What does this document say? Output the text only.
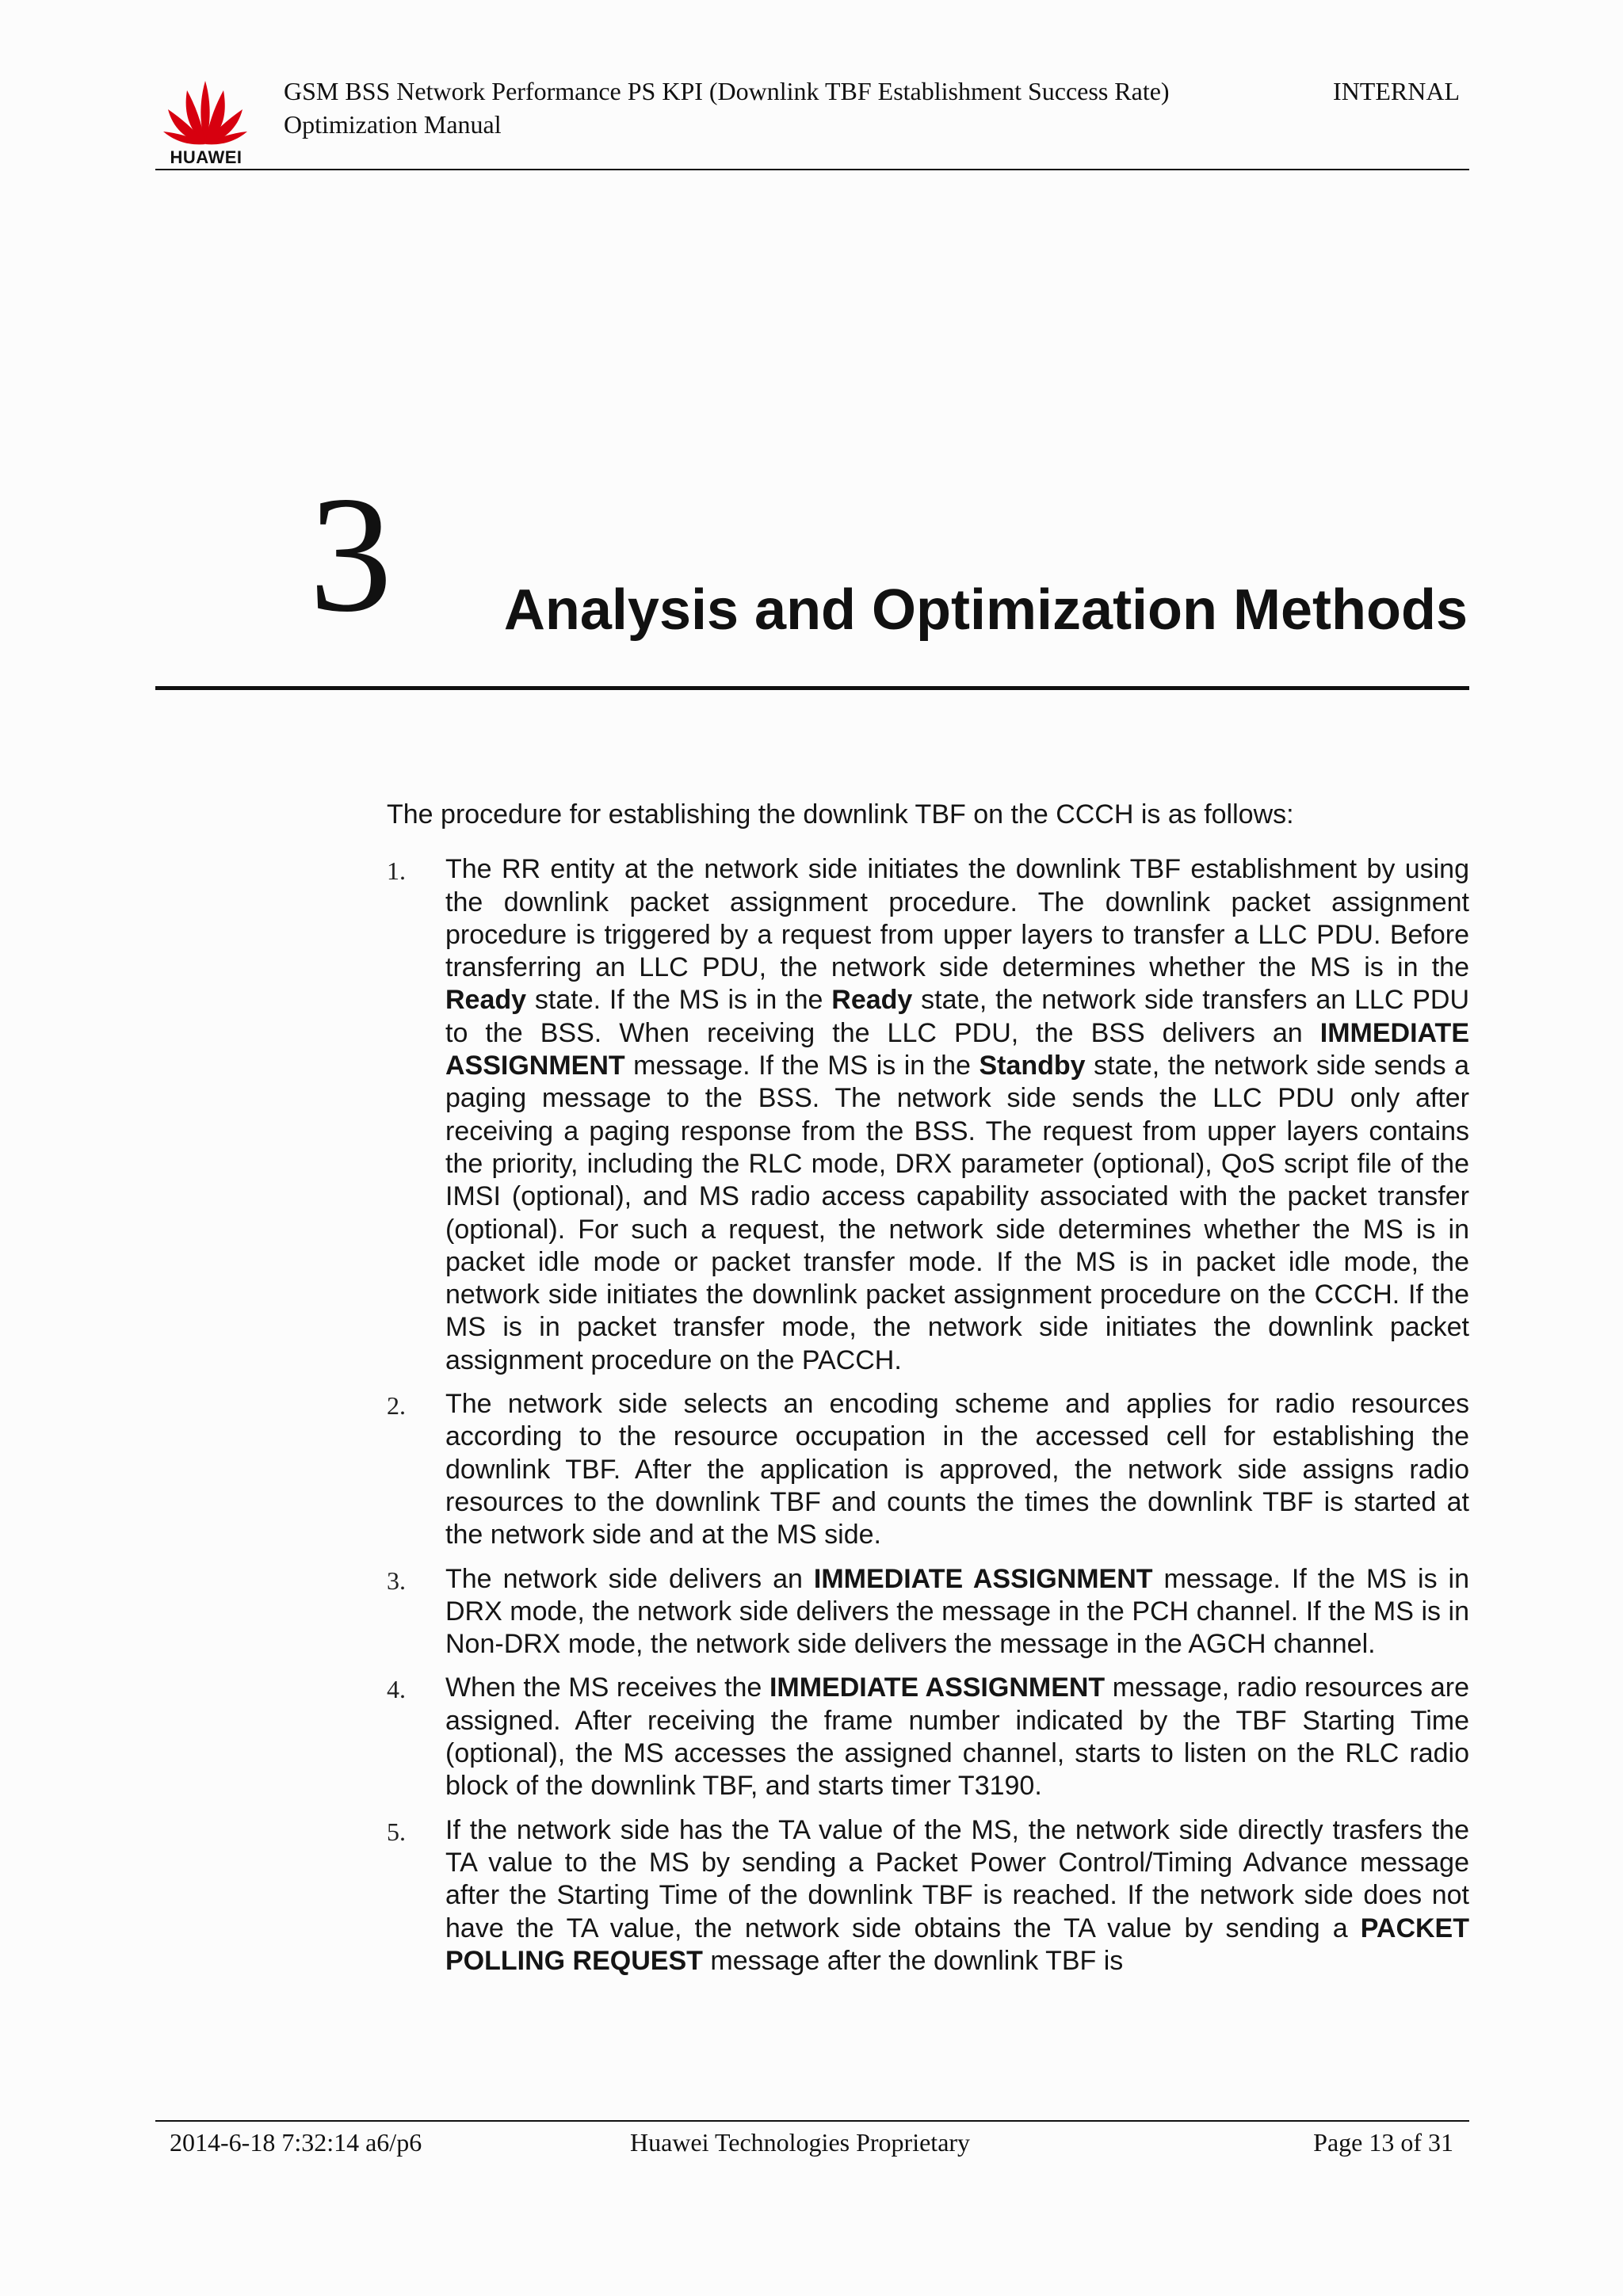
HUAWEI
GSM BSS Network Performance PS KPI (Downlink TBF Establishment Success Rate)
Optimization Manual
INTERNAL
3 Analysis and Optimization Methods

The procedure for establishing the downlink TBF on the CCCH is as follows:

1. The RR entity at the network side initiates the downlink TBF establishment by using the downlink packet assignment procedure. The downlink packet assignment procedure is triggered by a request from upper layers to transfer a LLC PDU. Before transferring an LLC PDU, the network side determines whether the MS is in the Ready state. If the MS is in the Ready state, the network side transfers an LLC PDU to the BSS. When receiving the LLC PDU, the BSS delivers an IMMEDIATE ASSIGNMENT message. If the MS is in the Standby state, the network side sends a paging message to the BSS. The network side sends the LLC PDU only after receiving a paging response from the BSS. The request from upper layers contains the priority, including the RLC mode, DRX parameter (optional), QoS script file of the IMSI (optional), and MS radio access capability associated with the packet transfer (optional). For such a request, the network side determines whether the MS is in packet idle mode or packet transfer mode. If the MS is in packet idle mode, the network side initiates the downlink packet assignment procedure on the CCCH. If the MS is in packet transfer mode, the network side initiates the downlink packet assignment procedure on the PACCH.
2. The network side selects an encoding scheme and applies for radio resources according to the resource occupation in the accessed cell for establishing the downlink TBF. After the application is approved, the network side assigns radio resources to the downlink TBF and counts the times the downlink TBF is started at the network side and at the MS side.
3. The network side delivers an IMMEDIATE ASSIGNMENT message. If the MS is in DRX mode, the network side delivers the message in the PCH channel. If the MS is in Non-DRX mode, the network side delivers the message in the AGCH channel.
4. When the MS receives the IMMEDIATE ASSIGNMENT message, radio resources are assigned. After receiving the frame number indicated by the TBF Starting Time (optional), the MS accesses the assigned channel, starts to listen on the RLC radio block of the downlink TBF, and starts timer T3190.
5. If the network side has the TA value of the MS, the network side directly trasfers the TA value to the MS by sending a Packet Power Control/Timing Advance message after the Starting Time of the downlink TBF is reached. If the network side does not have the TA value, the network side obtains the TA value by sending a PACKET POLLING REQUEST message after the downlink TBF is
2014-6-18 7:32:14 a6/p6	Huawei Technologies Proprietary	Page 13 of 31
